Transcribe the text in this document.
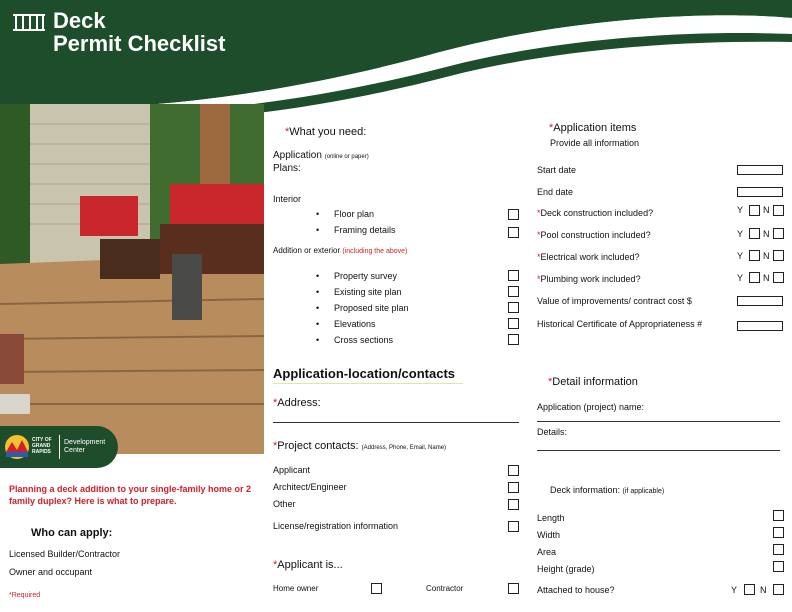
Deck
Permit Checklist
CITY OF
GRAND
RAPIDS
Development
Center
Planning a deck addition to your single-family home or 2 family duplex? Here is what to prepare.
Who can apply:
Licensed Builder/Contractor
Owner and occupant
*Required
*What you need:
Application (online or paper)
Plans:
Interior
• Floor plan
• Framing details
Addition or exterior (including the above)
• Property survey
• Existing site plan
• Proposed site plan
• Elevations
• Cross sections
Application-location/contacts
*Address:
*Project contacts: (Address, Phone, Email, Name)
Applicant
Architect/Engineer
Other
License/registration information
*Applicant is...
Home owner	Contractor
*Application items
Provide all information
Start date
End date
*Deck construction included?	Y N
*Pool construction included?	Y N
*Electrical work included?	Y N
*Plumbing work included?	Y N
Value of improvements/ contract cost $
Historical Certificate of Appropriateness #
*Detail information
Application (project) name:
Details:
Deck information: (if applicable)
Length
Width
Area
Height (grade)
Attached to house?	Y	N
